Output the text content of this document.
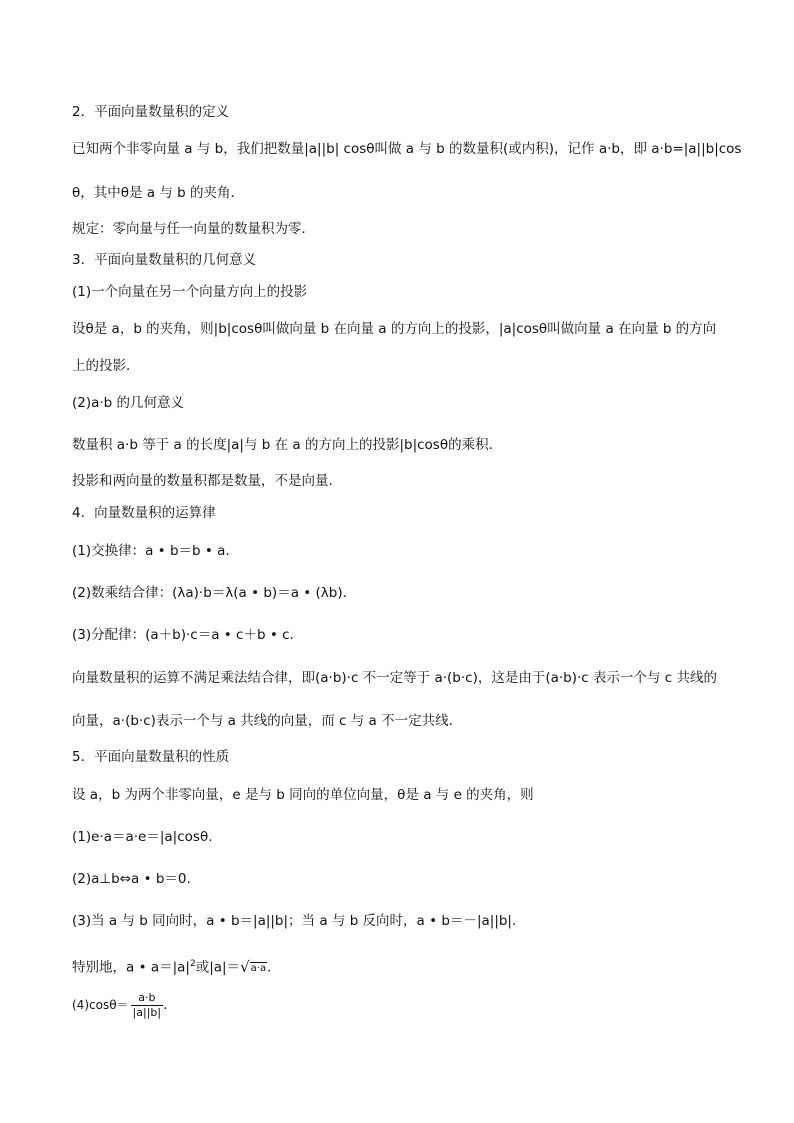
2．平面向量数量积的定义
已知两个非零向量 a 与 b，我们把数量|a||b| cosθ叫做 a 与 b 的数量积(或内积)，记作 a·b，即 a·b=|a||b|cos
θ，其中θ是 a 与 b 的夹角．
规定：零向量与任一向量的数量积为零．
3．平面向量数量积的几何意义
(1)一个向量在另一个向量方向上的投影
设θ是 a，b 的夹角，则|b|cosθ叫做向量 b 在向量 a 的方向上的投影，|a|cosθ叫做向量 a 在向量 b 的方向
上的投影．
(2)a·b 的几何意义
数量积 a·b 等于 a 的长度|a|与 b 在 a 的方向上的投影|b|cosθ的乘积．
投影和两向量的数量积都是数量，不是向量.
4．向量数量积的运算律
(1)交换律：a • b＝b • a.
(2)数乘结合律：(λa)·b＝λ(a • b)＝a • (λb)．
(3)分配律：(a＋b)·c＝a • c＋b • c.
向量数量积的运算不满足乘法结合律，即(a·b)·c 不一定等于 a·(b·c)，这是由于(a·b)·c 表示一个与 c 共线的
向量，a·(b·c)表示一个与 a 共线的向量，而 c 与 a 不一定共线．
5．平面向量数量积的性质
设 a，b 为两个非零向量，e 是与 b 同向的单位向量，θ是 a 与 e 的夹角，则
(1)e·a＝a·e＝|a|cosθ.
(2)a⊥b⇔a • b＝0.
(3)当 a 与 b 同向时，a • b＝|a||b|；当 a 与 b 反向时，a • b＝－|a||b|.
特别地，a • $a=|a|^2$或|a|＝√a·a.
$(4)\cos\theta= \frac{a\cdot b}{|a||b|}$ .
